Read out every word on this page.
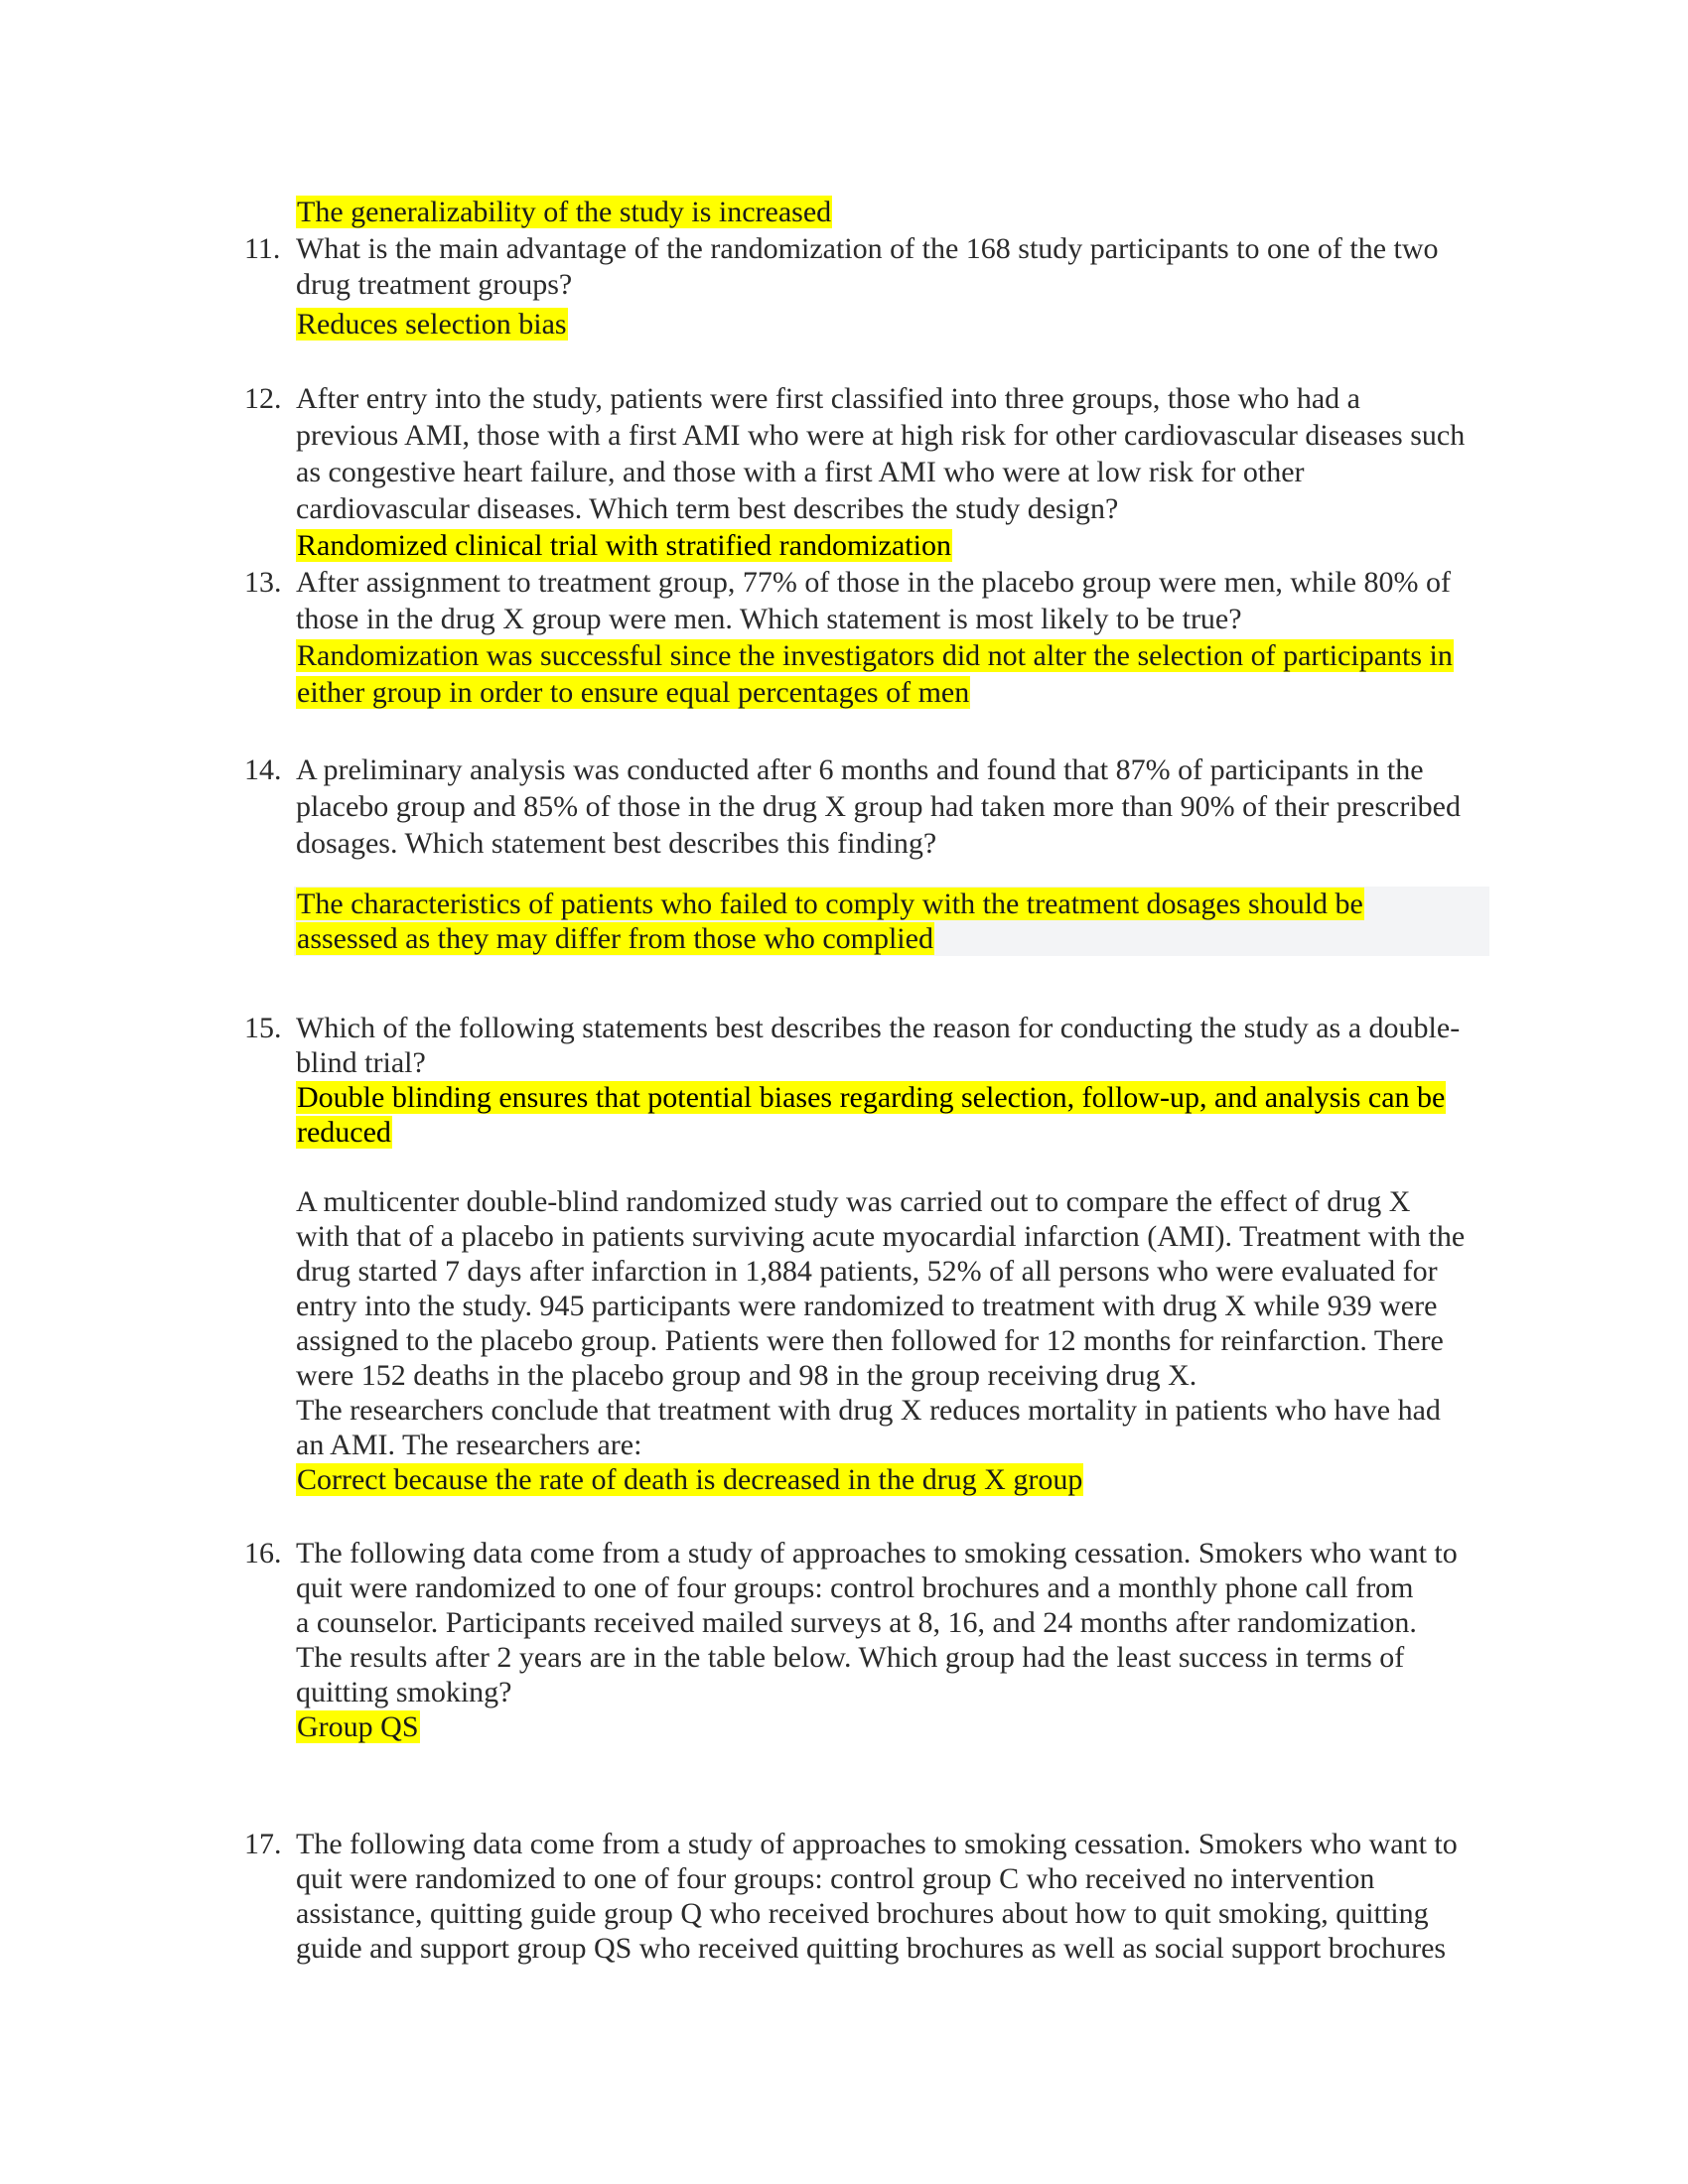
The generalizability of the study is increased
11. What is the main advantage of the randomization of the 168 study participants to one of the two
drug treatment groups?
Reduces selection bias
12. After entry into the study, patients were first classified into three groups, those who had a
previous AMI, those with a first AMI who were at high risk for other cardiovascular diseases such
as congestive heart failure, and those with a first AMI who were at low risk for other
cardiovascular diseases. Which term best describes the study design?
Randomized clinical trial with stratified randomization
13. After assignment to treatment group, 77% of those in the placebo group were men, while 80% of
those in the drug X group were men. Which statement is most likely to be true?
Randomization was successful since the investigators did not alter the selection of participants in
either group in order to ensure equal percentages of men
14. A preliminary analysis was conducted after 6 months and found that 87% of participants in the
placebo group and 85% of those in the drug X group had taken more than 90% of their prescribed
dosages. Which statement best describes this finding?
The characteristics of patients who failed to comply with the treatment dosages should be
assessed as they may differ from those who complied
15. Which of the following statements best describes the reason for conducting the study as a double-
blind trial?
Double blinding ensures that potential biases regarding selection, follow-up, and analysis can be
reduced
A multicenter double-blind randomized study was carried out to compare the effect of drug X
with that of a placebo in patients surviving acute myocardial infarction (AMI). Treatment with the
drug started 7 days after infarction in 1,884 patients, 52% of all persons who were evaluated for
entry into the study. 945 participants were randomized to treatment with drug X while 939 were
assigned to the placebo group. Patients were then followed for 12 months for reinfarction. There
were 152 deaths in the placebo group and 98 in the group receiving drug X.
The researchers conclude that treatment with drug X reduces mortality in patients who have had
an AMI. The researchers are:
Correct because the rate of death is decreased in the drug X group
16. The following data come from a study of approaches to smoking cessation. Smokers who want to
quit were randomized to one of four groups: control brochures and a monthly phone call from
a counselor. Participants received mailed surveys at 8, 16, and 24 months after randomization.
The results after 2 years are in the table below. Which group had the least success in terms of
quitting smoking?
Group QS
17. The following data come from a study of approaches to smoking cessation. Smokers who want to
quit were randomized to one of four groups: control group C who received no intervention
assistance, quitting guide group Q who received brochures about how to quit smoking, quitting
guide and support group QS who received quitting brochures as well as social support brochures
